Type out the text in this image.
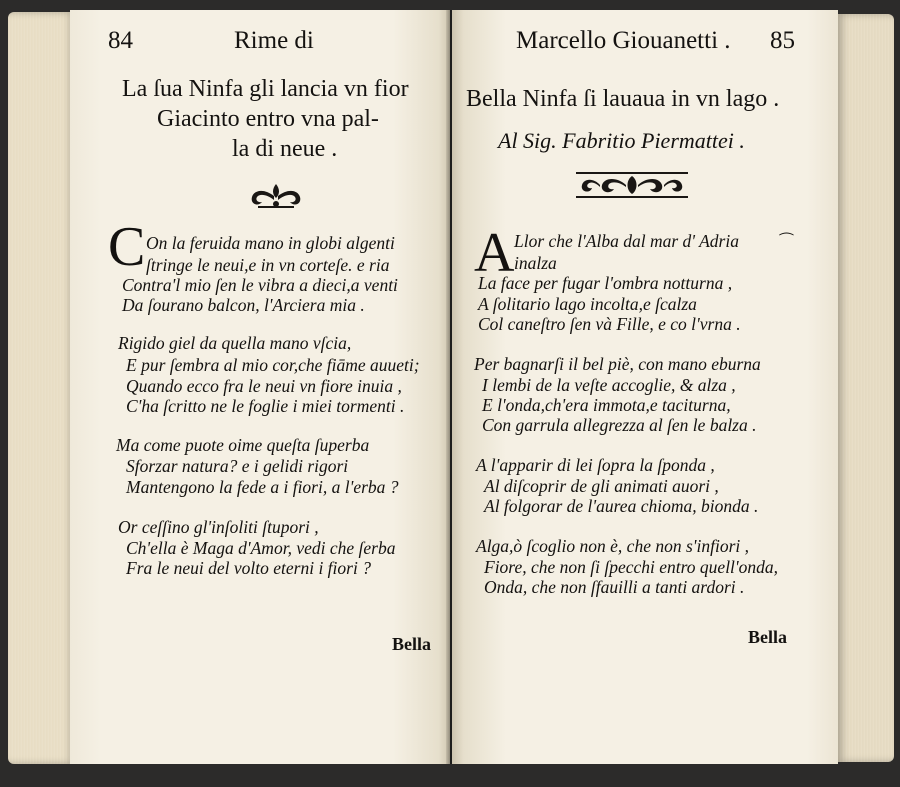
84	Rime di
La ſua Ninfa gli lancia vn fior
Giacinto entro vna pal-
la di neue .
C On la feruida mano in globi algenti
ſtringe le neui,e in vn corteſe. e ria
Contra'l mio ſen le vibra a dieci,a venti
Da ſourano balcon, l'Arciera mia .
Rigido giel da quella mano vſcia,
E pur ſembra al mio cor,che fiāme auueti;
Quando ecco fra le neui vn fiore inuia ,
C'ha ſcritto ne le foglie i miei tormenti .
Ma come puote oime queſta ſuperba
Sforzar natura? e i gelidi rigori
Mantengono la fede a i fiori, a l'erba ?
Or ceſſino gl'inſoliti ſtupori ,
Ch'ella è Maga d'Amor, vedi che ſerba
Fra le neui del volto eterni i fiori ?
Bella
Marcello Giouanetti . 85
Bella Ninfa ſi lauaua in vn lago .
Al Sig. Fabritio Piermattei .
A Llor che l'Alba dal mar d' Adria	⁀
inalza
La face per fugar l'ombra notturna ,
A ſolitario lago incolta,e ſcalza
Col caneſtro ſen và Fille, e co l'vrna .
Per bagnarſi il bel piè, con mano eburna
I lembi de la veſte accoglie, & alza ,
E l'onda,ch'era immota,e taciturna,
Con garrula allegrezza al ſen le balza .
A l'apparir di lei ſopra la ſponda ,
Al diſcoprir de gli animati auori ,
Al folgorar de l'aurea chioma, bionda .
Alga,ò ſcoglio non è, che non s'infiori ,
Fiore, che non ſi ſpecchi entro quell'onda,
Onda, che non ſfauilli a tanti ardori .
Bella
